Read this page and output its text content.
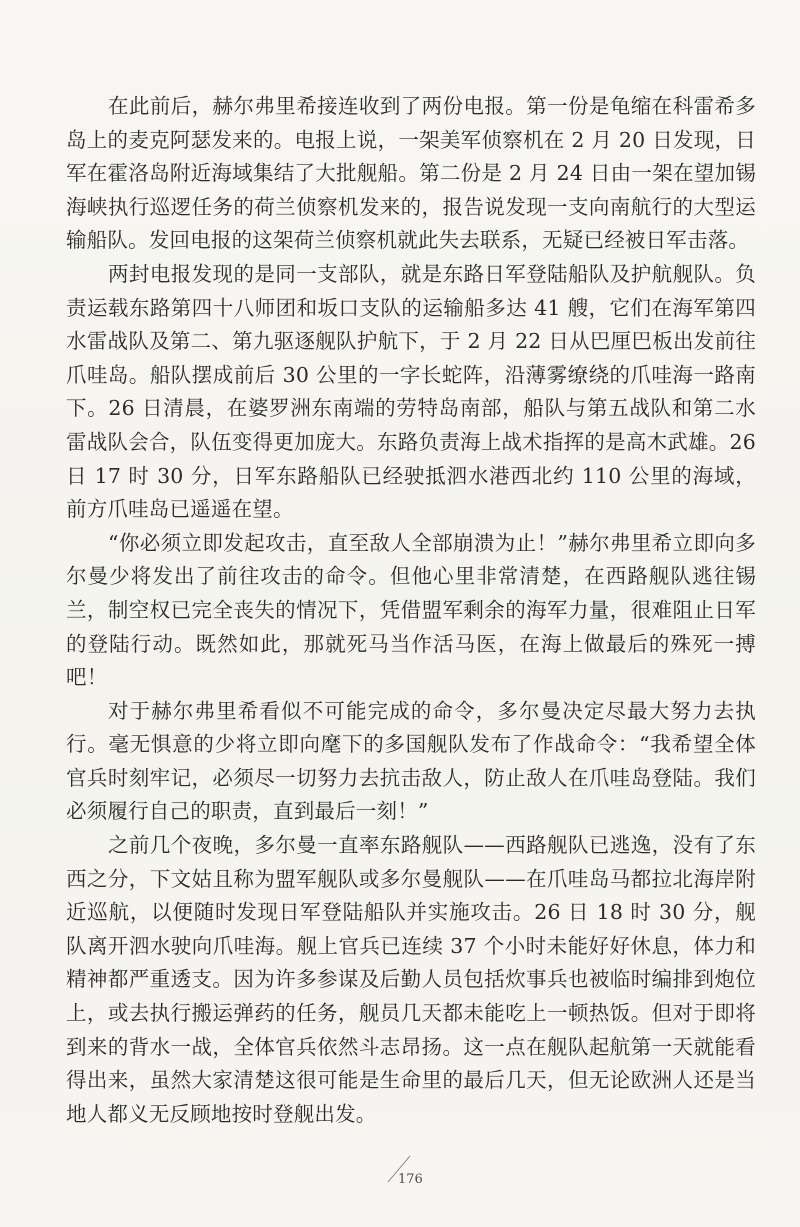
在此前后，赫尔弗里希接连收到了两份电报。第一份是龟缩在科雷希多岛上的麦克阿瑟发来的。电报上说，一架美军侦察机在 2 月 20 日发现，日军在霍洛岛附近海域集结了大批舰船。第二份是 2 月 24 日由一架在望加锡海峡执行巡逻任务的荷兰侦察机发来的，报告说发现一支向南航行的大型运输船队。发回电报的这架荷兰侦察机就此失去联系，无疑已经被日军击落。

两封电报发现的是同一支部队，就是东路日军登陆船队及护航舰队。负责运载东路第四十八师团和坂口支队的运输船多达 41 艘，它们在海军第四水雷战队及第二、第九驱逐舰队护航下，于 2 月 22 日从巴厘巴板出发前往爪哇岛。船队摆成前后 30 公里的一字长蛇阵，沿薄雾缭绕的爪哇海一路南下。26 日清晨，在婆罗洲东南端的劳特岛南部，船队与第五战队和第二水雷战队会合，队伍变得更加庞大。东路负责海上战术指挥的是高木武雄。26 日 17 时 30 分，日军东路船队已经驶抵泗水港西北约 110 公里的海域，前方爪哇岛已遥遥在望。

“你必须立即发起攻击，直至敌人全部崩溃为止！”赫尔弗里希立即向多尔曼少将发出了前往攻击的命令。但他心里非常清楚，在西路舰队逃往锡兰，制空权已完全丧失的情况下，凭借盟军剩余的海军力量，很难阻止日军的登陆行动。既然如此，那就死马当作活马医，在海上做最后的殊死一搏吧！

对于赫尔弗里希看似不可能完成的命令，多尔曼决定尽最大努力去执行。毫无惧意的少将立即向麾下的多国舰队发布了作战命令：“我希望全体官兵时刻牢记，必须尽一切努力去抗击敌人，防止敌人在爪哇岛登陆。我们必须履行自己的职责，直到最后一刻！”

之前几个夜晚，多尔曼一直率东路舰队——西路舰队已逃逸，没有了东西之分，下文姑且称为盟军舰队或多尔曼舰队——在爪哇岛马都拉北海岸附近巡航，以便随时发现日军登陆船队并实施攻击。26 日 18 时 30 分，舰队离开泗水驶向爪哇海。舰上官兵已连续 37 个小时未能好好休息，体力和精神都严重透支。因为许多参谋及后勤人员包括炊事兵也被临时编排到炮位上，或去执行搬运弹药的任务，舰员几天都未能吃上一顿热饭。但对于即将到来的背水一战，全体官兵依然斗志昂扬。这一点在舰队起航第一天就能看得出来，虽然大家清楚这很可能是生命里的最后几天，但无论欧洲人还是当地人都义无反顾地按时登舰出发。

176
